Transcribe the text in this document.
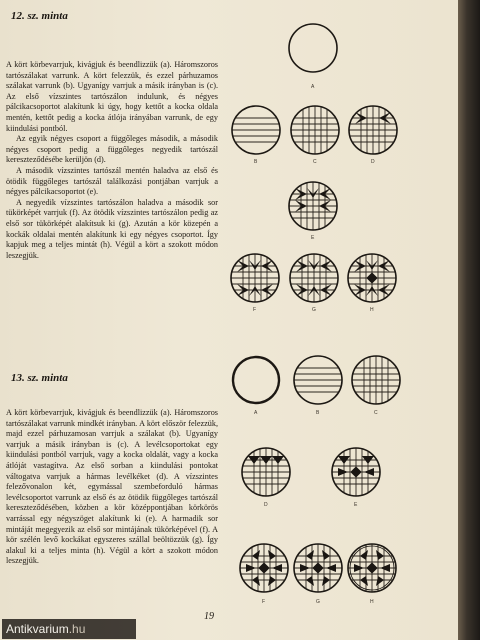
12. sz. minta

A kört körbevarrjuk, kivágjuk és beendlizzük (a). Háromszoros tartószálakat varrunk. A kört felezzük, és ezzel párhuzamos szálakat varrunk (b). Ugyanígy varrjuk a másik irányban is (c). Az első vízszintes tartószálon indulunk, és négyes pálcikacsoportot alakítunk ki úgy, hogy kettőt a kocka oldala mentén, kettőt pedig a kocka átlója irányában varrunk, de egy kiindulási pontból.

Az egyik négyes csoport a függőleges második, a második négyes csoport pedig a függőleges negyedik tartószál kereszteződésébe kerüljön (d).

A második vízszintes tartószál mentén haladva az első és ötödik függőleges tartószál találkozási pontjában varrjuk a négyes pálcikacsoportot (e).

A negyedik vízszintes tartószálon haladva a második sor tükörképét varrjuk (f). Az ötödik vízszintes tartószálon pedig az első sor tükörképét alakítsuk ki (g). Azután a kör közepén a kockák oldalai mentén alakítunk ki egy négyes csoportot. Így kapjuk meg a teljes mintát (h). Végül a kört a szokott módon leszegjük.

13. sz. minta

A kört körbevarrjuk, kivágjuk és beendlizzük (a). Háromszoros tartószálakat varrunk mindkét irányban. A kört először felezzük, majd ezzel párhuzamosan varrjuk a szálakat (b). Ugyanígy varrjuk a másik irányban is (c). A levélcsoportokat egy kiindulási pontból varrjuk, vagy a kocka oldalát, vagy a kocka átlóját vastagítva. Az első sorban a kiindulási pontokat váltogatva varrjuk a hármas levélkéket (d). A vízszintes felezővonalon két, egymással szembeforduló hármas levélcsoportot varrunk az első és az ötödik függőleges tartószál kereszteződésében, közben a kör középpontjában körkörös varrással egy négyszöget alakítunk ki (e). A harmadik sor mintáját megegyezik az első sor mintájának tükörképével (f). A kör szélén levő kockákat egyszeres szállal beöltözzük (g). Így alakul ki a teljes minta (h). Végül a kört a szokott módon leszegjük.

A
B	C	D
E
F	G	H
A	B	C
D	E
F	G	H
19
Antikvarium.hu
